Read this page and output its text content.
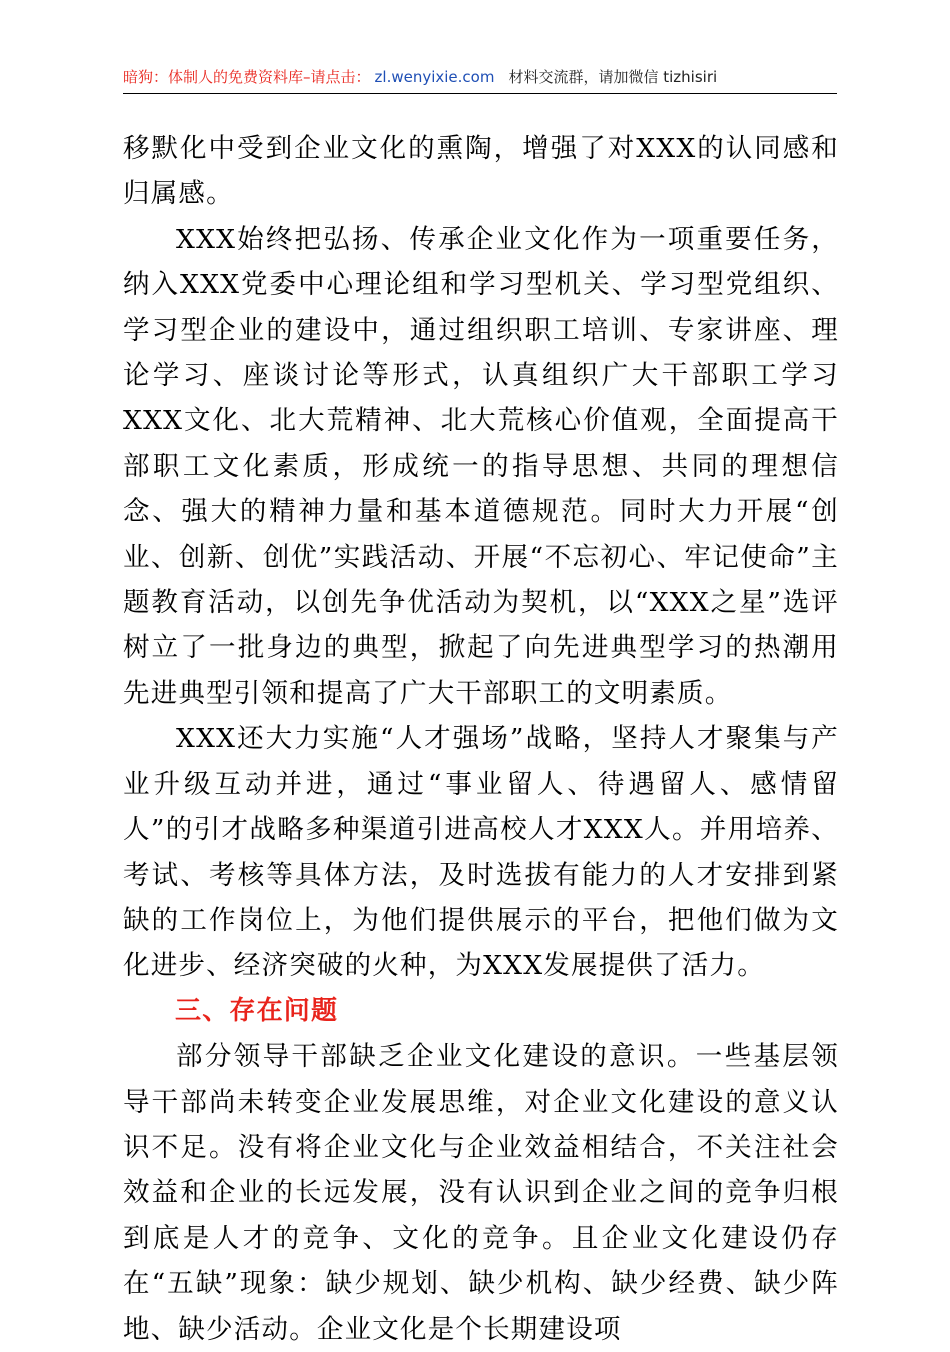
暗狗：体制人的免费资料库–请点击： zl.wenyixie.com 材料交流群，请加微信 tizhisiri

移默化中受到企业文化的熏陶，增强了对XXX的认同感和归属感。

XXX始终把弘扬、传承企业文化作为一项重要任务，纳入XXX党委中心理论组和学习型机关、学习型党组织、学习型企业的建设中，通过组织职工培训、专家讲座、理论学习、座谈讨论等形式，认真组织广大干部职工学习XXX文化、北大荒精神、北大荒核心价值观，全面提高干部职工文化素质，形成统一的指导思想、共同的理想信念、强大的精神力量和基本道德规范。同时大力开展“创业、创新、创优”实践活动、开展“不忘初心、牢记使命”主题教育活动，以创先争优活动为契机，以“XXX之星”选评树立了一批身边的典型，掀起了向先进典型学习的热潮用先进典型引领和提高了广大干部职工的文明素质。

XXX还大力实施“人才强场”战略，坚持人才聚集与产业升级互动并进，通过“事业留人、待遇留人、感情留人”的引才战略多种渠道引进高校人才XXX人。并用培养、考试、考核等具体方法，及时选拔有能力的人才安排到紧缺的工作岗位上，为他们提供展示的平台，把他们做为文化进步、经济突破的火种，为XXX发展提供了活力。

三、存在问题

部分领导干部缺乏企业文化建设的意识。一些基层领导干部尚未转变企业发展思维，对企业文化建设的意义认识不足。没有将企业文化与企业效益相结合，不关注社会效益和企业的长远发展，没有认识到企业之间的竞争归根到底是人才的竞争、文化的竞争。且企业文化建设仍存在“五缺”现象：缺少规划、缺少机构、缺少经费、缺少阵地、缺少活动。企业文化是个长期建设项
